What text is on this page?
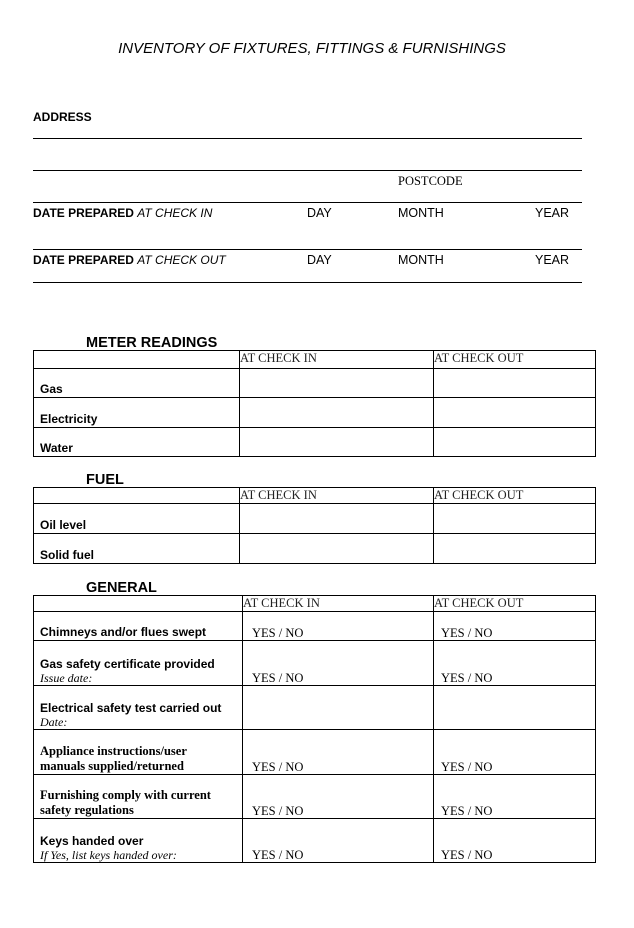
INVENTORY OF FIXTURES, FITTINGS & FURNISHINGS
ADDRESS
POSTCODE
DATE PREPARED AT CHECK IN	DAY	MONTH	YEAR
DATE PREPARED AT CHECK OUT	DAY	MONTH	YEAR
METER READINGS
	AT CHECK IN	AT CHECK OUT
Gas		
Electricity		
Water		
FUEL
	AT CHECK IN	AT CHECK OUT
Oil level		
Solid fuel		
GENERAL
	AT CHECK IN	AT CHECK OUT
Chimneys and/or flues swept	YES / NO	YES / NO
Gas safety certificate provided
Issue date:	YES / NO	YES / NO
Electrical safety test carried out
Date:		

Appliance instructions/user
manuals supplied/returned	YES / NO	YES / NO

Furnishing comply with current
safety regulations	YES / NO	YES / NO
Keys handed over
If Yes, list keys handed over:	YES / NO	YES / NO
